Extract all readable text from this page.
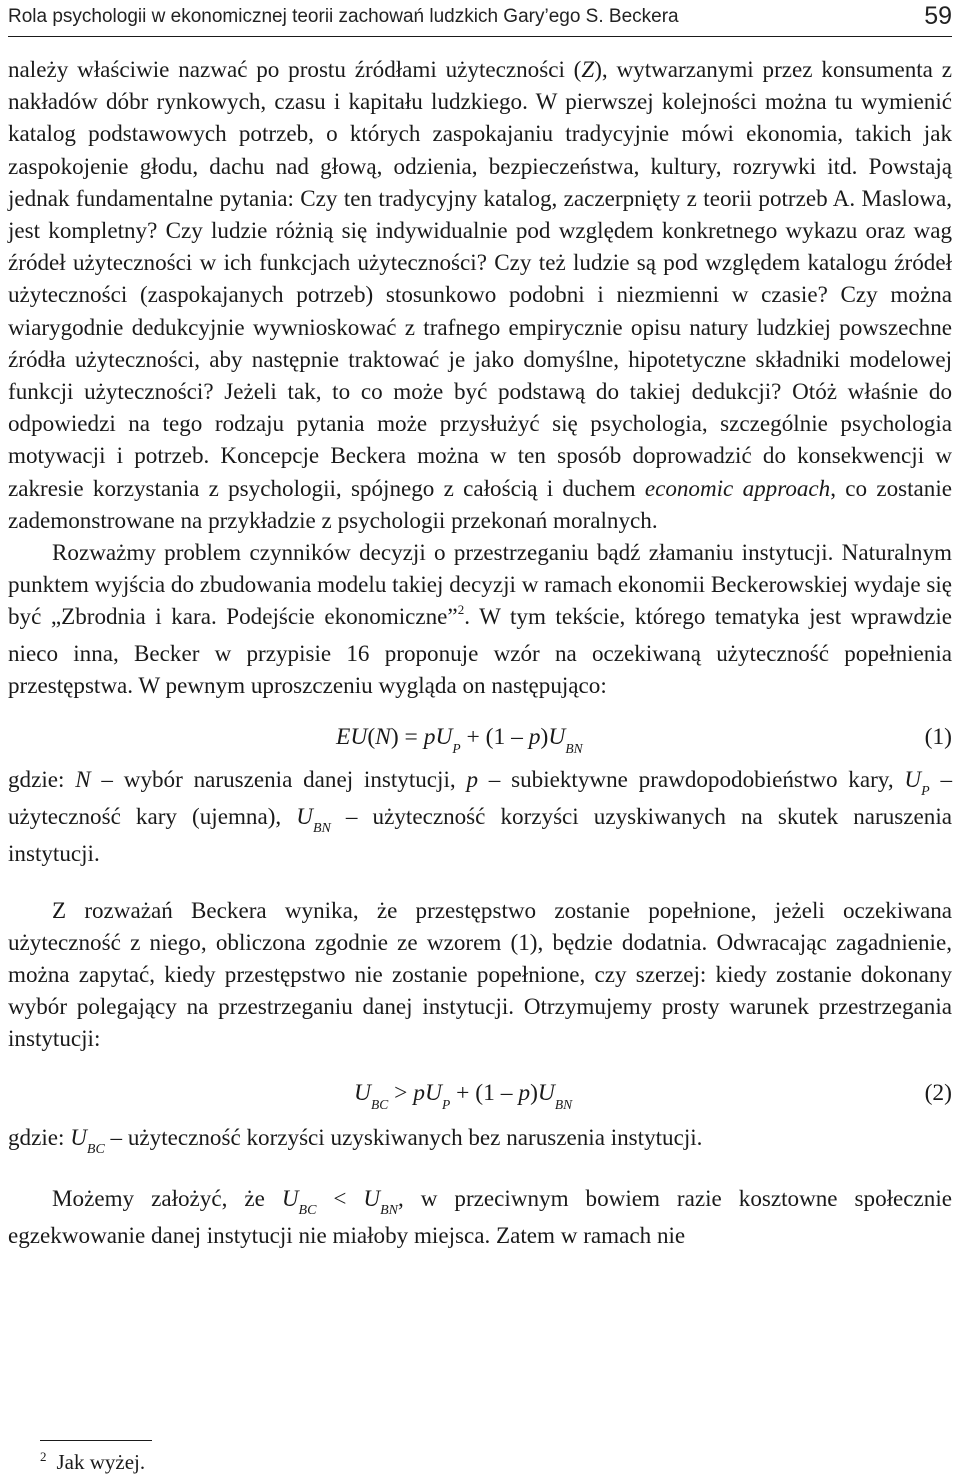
Rola psychologii w ekonomicznej teorii zachowań ludzkich Gary’ego S. Beckera	59

należy właściwie nazwać po prostu źródłami użyteczności (Z), wytwarzanymi przez konsumenta z nakładów dóbr rynkowych, czasu i kapitału ludzkiego. W pierwszej kolejności można tu wymienić katalog podstawowych potrzeb, o których zaspokajaniu tradycyjnie mówi ekonomia, takich jak zaspokojenie głodu, dachu nad głową, odzienia, bezpieczeństwa, kultury, rozrywki itd. Powstają jednak fundamentalne pytania: Czy ten tradycyjny katalog, zaczerpnięty z teorii potrzeb A. Maslowa, jest kompletny? Czy ludzie różnią się indywidualnie pod względem konkretnego wykazu oraz wag źródeł użyteczności w ich funkcjach użyteczności? Czy też ludzie są pod względem katalogu źródeł użyteczności (zaspokajanych potrzeb) stosunkowo podobni i niezmienni w czasie? Czy można wiarygodnie dedukcyjnie wywnioskować z trafnego empirycznie opisu natury ludzkiej powszechne źródła użyteczności, aby następnie traktować je jako domyślne, hipotetyczne składniki modelowej funkcji użyteczności? Jeżeli tak, to co może być podstawą do takiej dedukcji? Otóż właśnie do odpowiedzi na tego rodzaju pytania może przysłużyć się psychologia, szczególnie psychologia motywacji i potrzeb. Koncepcje Beckera można w ten sposób doprowadzić do konsekwencji w zakresie korzystania z psychologii, spójnego z całością i duchem economic approach, co zostanie zademonstrowane na przykładzie z psychologii przekonań moralnych.

Rozważmy problem czynników decyzji o przestrzeganiu bądź złamaniu instytucji. Naturalnym punktem wyjścia do zbudowania modelu takiej decyzji w ramach ekonomii Beckerowskiej wydaje się być „Zbrodnia i kara. Podejście ekonomiczne”$^2$. W tym tekście, którego tematyka jest wprawdzie nieco inna, Becker w przypisie 16 proponuje wzór na oczekiwaną użyteczność popełnienia przestępstwa. W pewnym uproszczeniu wygląda on następująco:

$EU(N) = pU_P + (1 - p)U_{BN}$	(1)

gdzie: N – wybór naruszenia danej instytucji, p – subiektywne prawdopodobieństwo kary, $U_P$ – użyteczność kary (ujemna), $U_{BN}$ – użyteczność korzyści uzyskiwanych na skutek naruszenia instytucji.

Z rozważań Beckera wynika, że przestępstwo zostanie popełnione, jeżeli oczekiwana użyteczność z niego, obliczona zgodnie ze wzorem (1), będzie dodatnia. Odwracając zagadnienie, można zapytać, kiedy przestępstwo nie zostanie popełnione, czy szerzej: kiedy zostanie dokonany wybór polegający na przestrzeganiu danej instytucji. Otrzymujemy prosty warunek przestrzegania instytucji:

$U_{BC} > pU_P + (1 - p)U_{BN}$	(2)

gdzie: $U_{BC}$ – użyteczność korzyści uzyskiwanych bez naruszenia instytucji.

Możemy założyć, że $U_{BC} < U_{BN}$, w przeciwnym bowiem razie kosztowne społecznie egzekwowanie danej instytucji nie miałoby miejsca. Zatem w ramach nie

$^2$ Jak wyżej.
